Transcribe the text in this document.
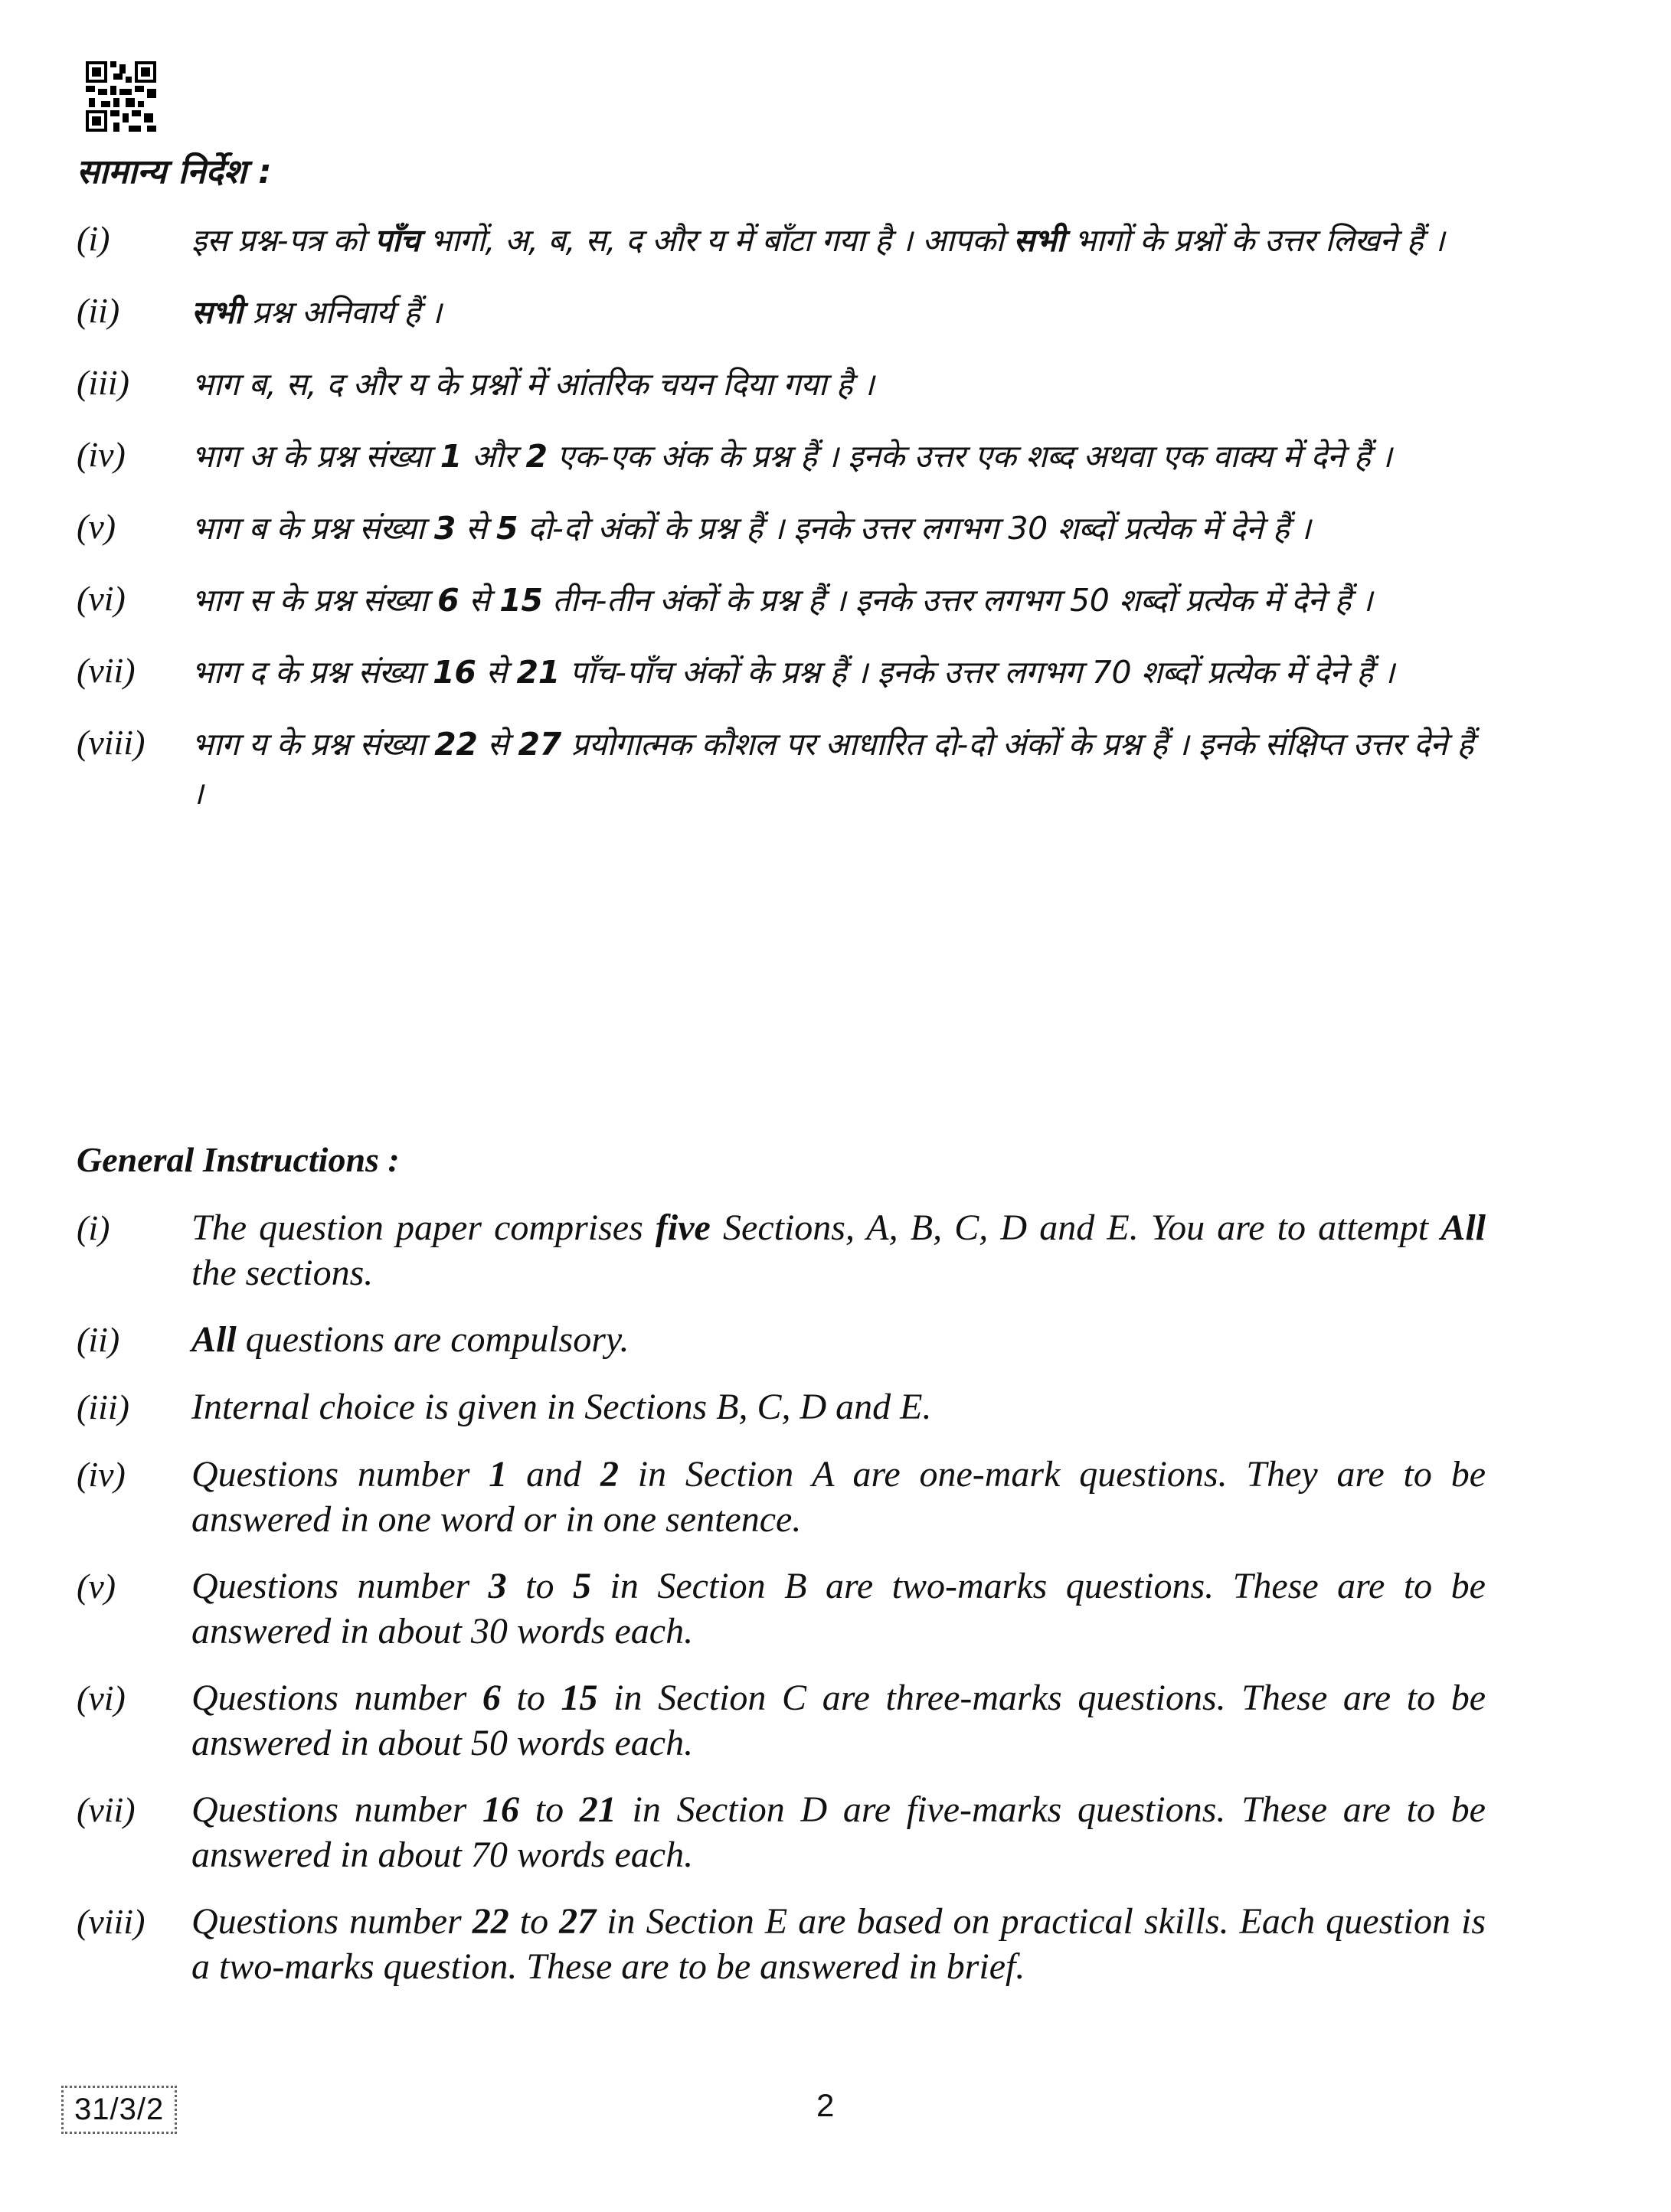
सामान्य निर्देश :
(i)	इस प्रश्न-पत्र को पाँच भागों, अ, ब, स, द और य में बाँटा गया है । आपको सभी भागों के प्रश्नों के उत्तर लिखने हैं ।
(ii)	सभी प्रश्न अनिवार्य हैं ।
(iii)	भाग ब, स, द और य के प्रश्नों में आंतरिक चयन दिया गया है ।
(iv)	भाग अ के प्रश्न संख्या 1 और 2 एक-एक अंक के प्रश्न हैं । इनके उत्तर एक शब्द अथवा एक वाक्य में देने हैं ।
(v)	भाग ब के प्रश्न संख्या 3 से 5 दो-दो अंकों के प्रश्न हैं । इनके उत्तर लगभग 30 शब्दों प्रत्येक में देने हैं ।
(vi)	भाग स के प्रश्न संख्या 6 से 15 तीन-तीन अंकों के प्रश्न हैं । इनके उत्तर लगभग 50 शब्दों प्रत्येक में देने हैं ।
(vii)	भाग द के प्रश्न संख्या 16 से 21 पाँच-पाँच अंकों के प्रश्न हैं । इनके उत्तर लगभग 70 शब्दों प्रत्येक में देने हैं ।
(viii)	भाग य के प्रश्न संख्या 22 से 27 प्रयोगात्मक कौशल पर आधारित दो-दो अंकों के प्रश्न हैं । इनके संक्षिप्त उत्तर देने हैं ।
General Instructions :
(i)	The question paper comprises five Sections, A, B, C, D and E. You are to attempt All the sections.
(ii)	All questions are compulsory.
(iii)	Internal choice is given in Sections B, C, D and E.
(iv)	Questions number 1 and 2 in Section A are one-mark questions. They are to be answered in one word or in one sentence.
(v)	Questions number 3 to 5 in Section B are two-marks questions. These are to be answered in about 30 words each.
(vi)	Questions number 6 to 15 in Section C are three-marks questions. These are to be answered in about 50 words each.
(vii)	Questions number 16 to 21 in Section D are five-marks questions. These are to be answered in about 70 words each.
(viii)	Questions number 22 to 27 in Section E are based on practical skills. Each question is a two-marks question. These are to be answered in brief.
31/3/2	2
